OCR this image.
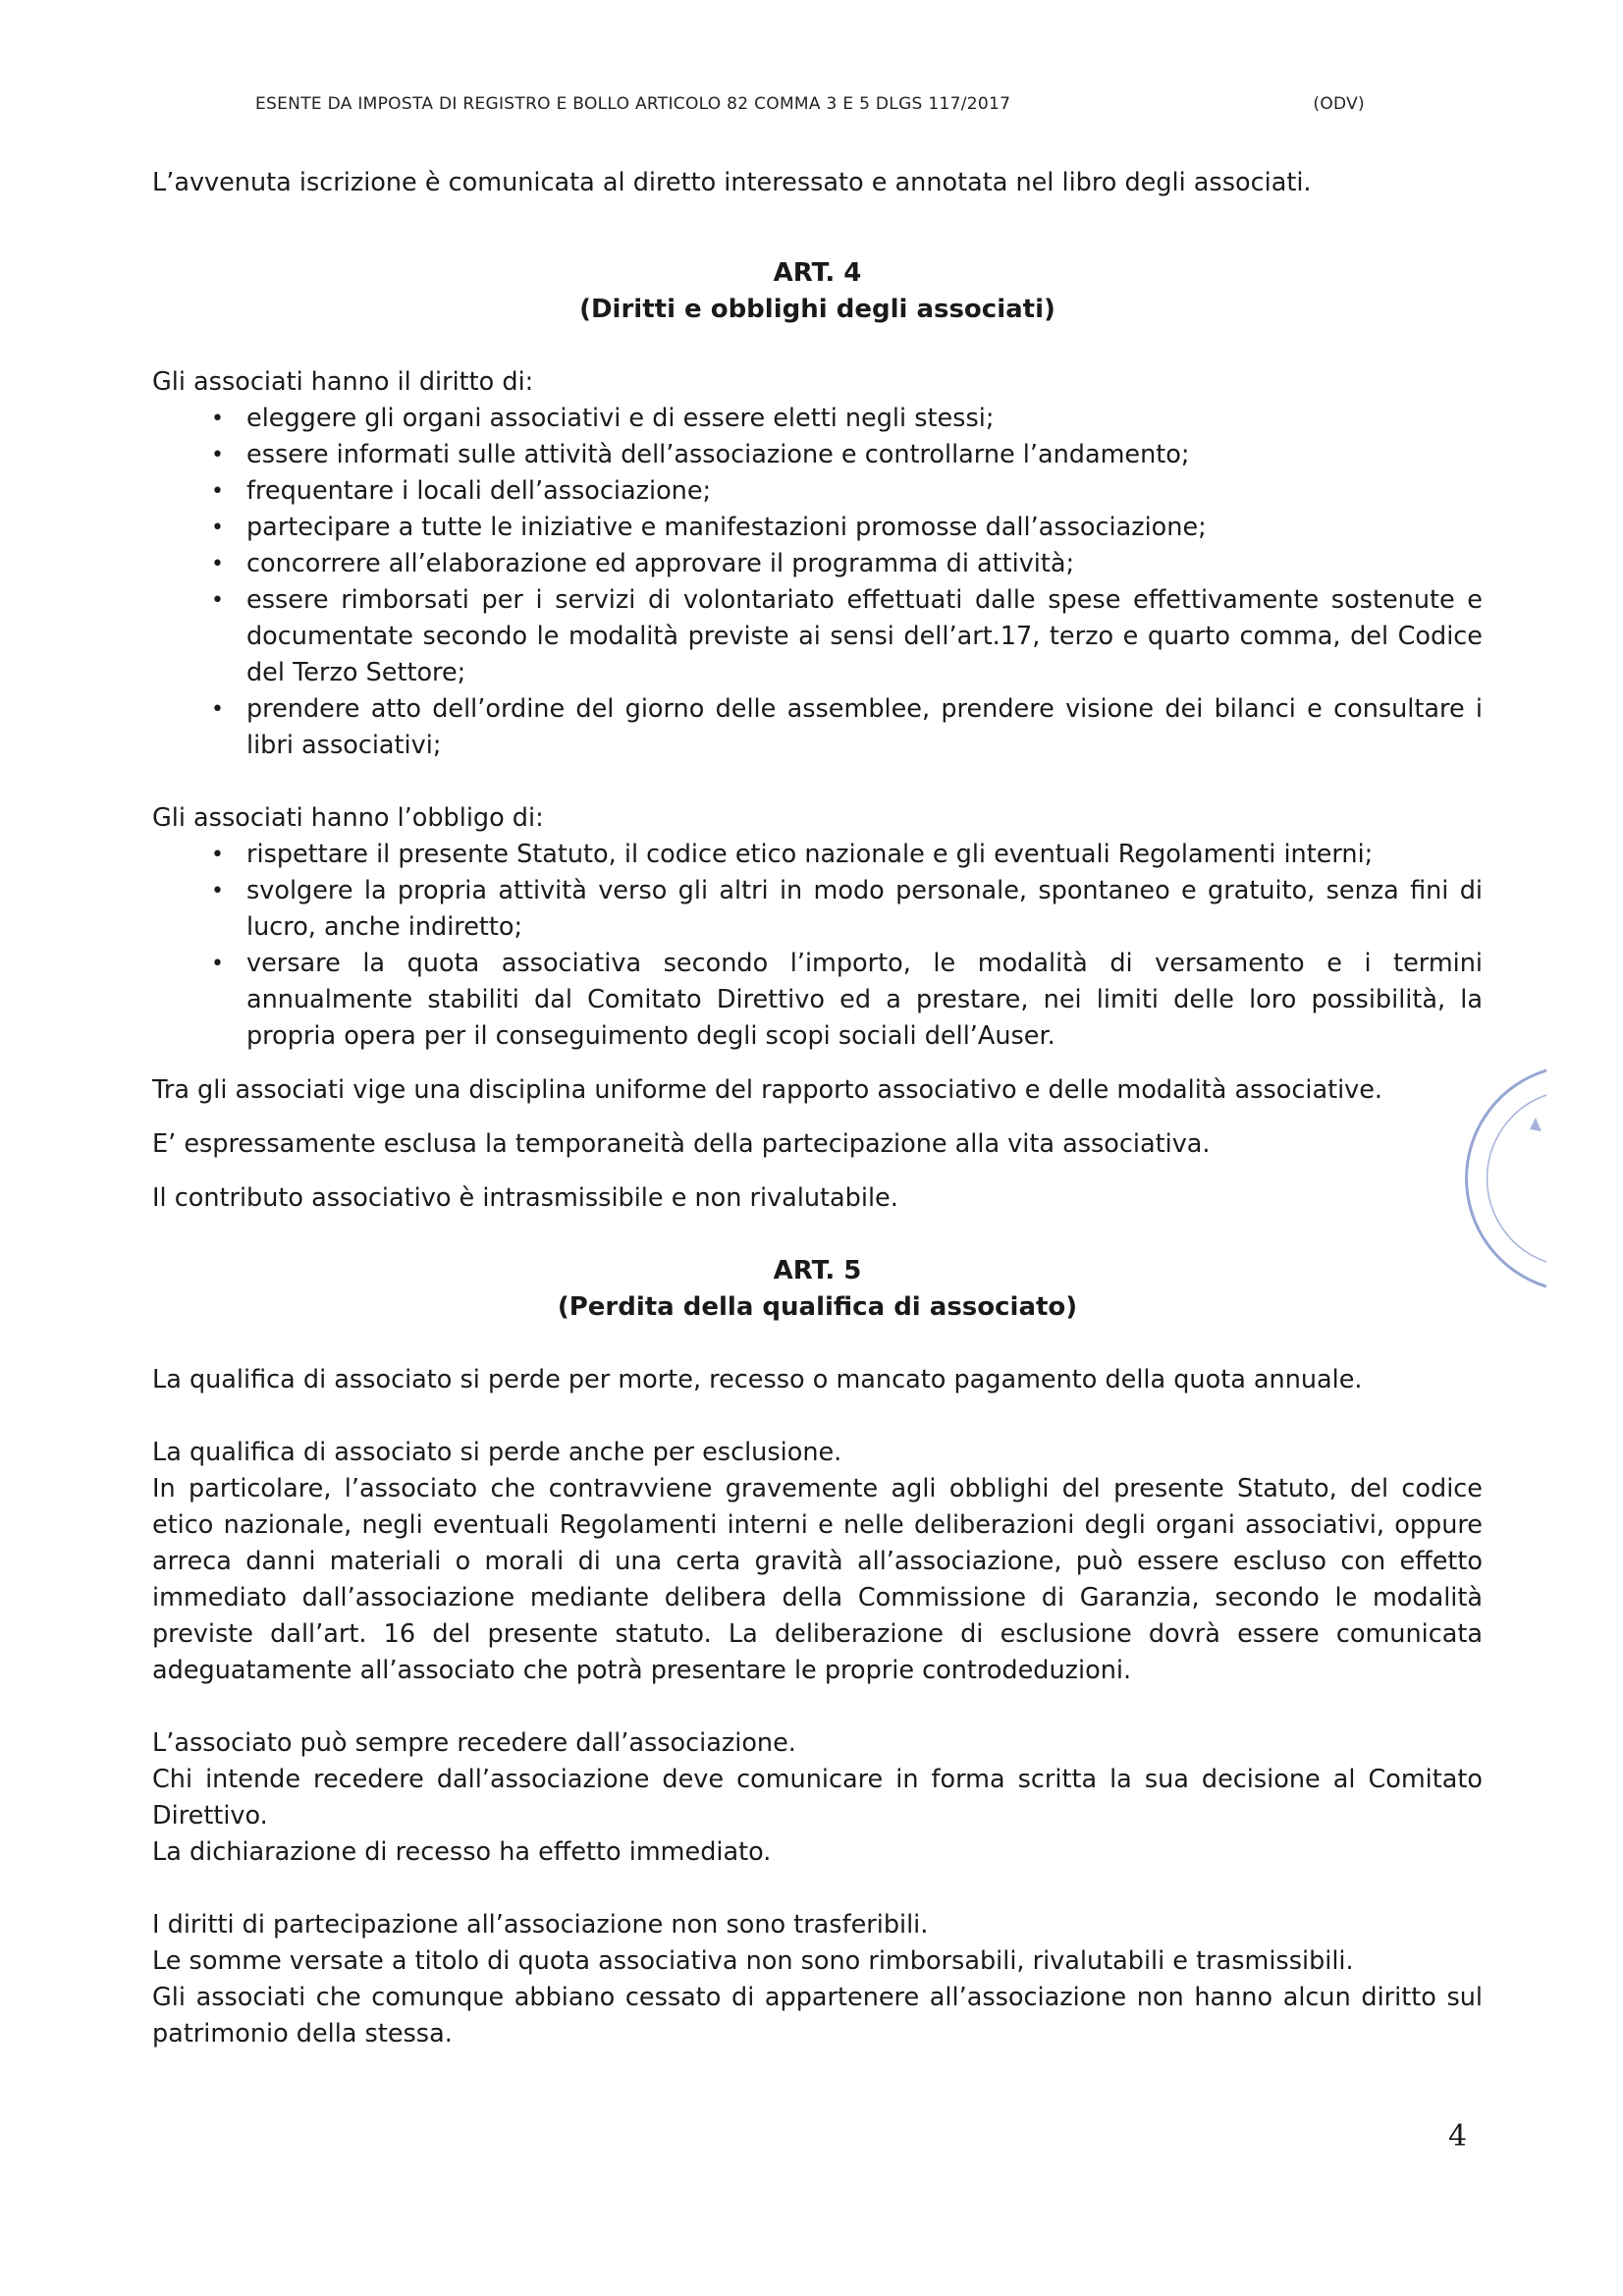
ESENTE DA IMPOSTA DI REGISTRO E BOLLO ARTICOLO 82 COMMA 3 E 5 DLGS 117/2017	(ODV)

L’avvenuta iscrizione è comunicata al diretto interessato e annotata nel libro degli associati.

ART. 4
(Diritti e obblighi degli associati)

Gli associati hanno il diritto di:

• eleggere gli organi associativi e di essere eletti negli stessi;
• essere informati sulle attività dell’associazione e controllarne l’andamento;
• frequentare i locali dell’associazione;
• partecipare a tutte le iniziative e manifestazioni promosse dall’associazione;
• concorrere all’elaborazione ed approvare il programma di attività;
• essere rimborsati per i servizi di volontariato effettuati dalle spese effettivamente sostenute e documentate secondo le modalità previste ai sensi dell’art.17, terzo e quarto comma, del Codice del Terzo Settore;
• prendere atto dell’ordine del giorno delle assemblee, prendere visione dei bilanci e consultare i libri associativi;

Gli associati hanno l’obbligo di:

• rispettare il presente Statuto, il codice etico nazionale e gli eventuali Regolamenti interni;
• svolgere la propria attività verso gli altri in modo personale, spontaneo e gratuito, senza fini di lucro, anche indiretto;
• versare la quota associativa secondo l’importo, le modalità di versamento e i termini annualmente stabiliti dal Comitato Direttivo ed a prestare, nei limiti delle loro possibilità, la propria opera per il conseguimento degli scopi sociali dell’Auser.

Tra gli associati vige una disciplina uniforme del rapporto associativo e delle modalità associative.

E’ espressamente esclusa la temporaneità della partecipazione alla vita associativa.

Il contributo associativo è intrasmissibile e non rivalutabile.

ART. 5
(Perdita della qualifica di associato)

La qualifica di associato si perde per morte, recesso o mancato pagamento della quota annuale.

La qualifica di associato si perde anche per esclusione.

In particolare, l’associato che contravviene gravemente agli obblighi del presente Statuto, del codice etico nazionale, negli eventuali Regolamenti interni e nelle deliberazioni degli organi associativi, oppure arreca danni materiali o morali di una certa gravità all’associazione, può essere escluso con effetto immediato dall’associazione mediante delibera della Commissione di Garanzia, secondo le modalità previste dall’art. 16 del presente statuto. La deliberazione di esclusione dovrà essere comunicata adeguatamente all’associato che potrà presentare le proprie controdeduzioni.

L’associato può sempre recedere dall’associazione.

Chi intende recedere dall’associazione deve comunicare in forma scritta la sua decisione al Comitato Direttivo.

La dichiarazione di recesso ha effetto immediato.

I diritti di partecipazione all’associazione non sono trasferibili.

Le somme versate a titolo di quota associativa non sono rimborsabili, rivalutabili e trasmissibili.

Gli associati che comunque abbiano cessato di appartenere all’associazione non hanno alcun diritto sul patrimonio della stessa.

4
